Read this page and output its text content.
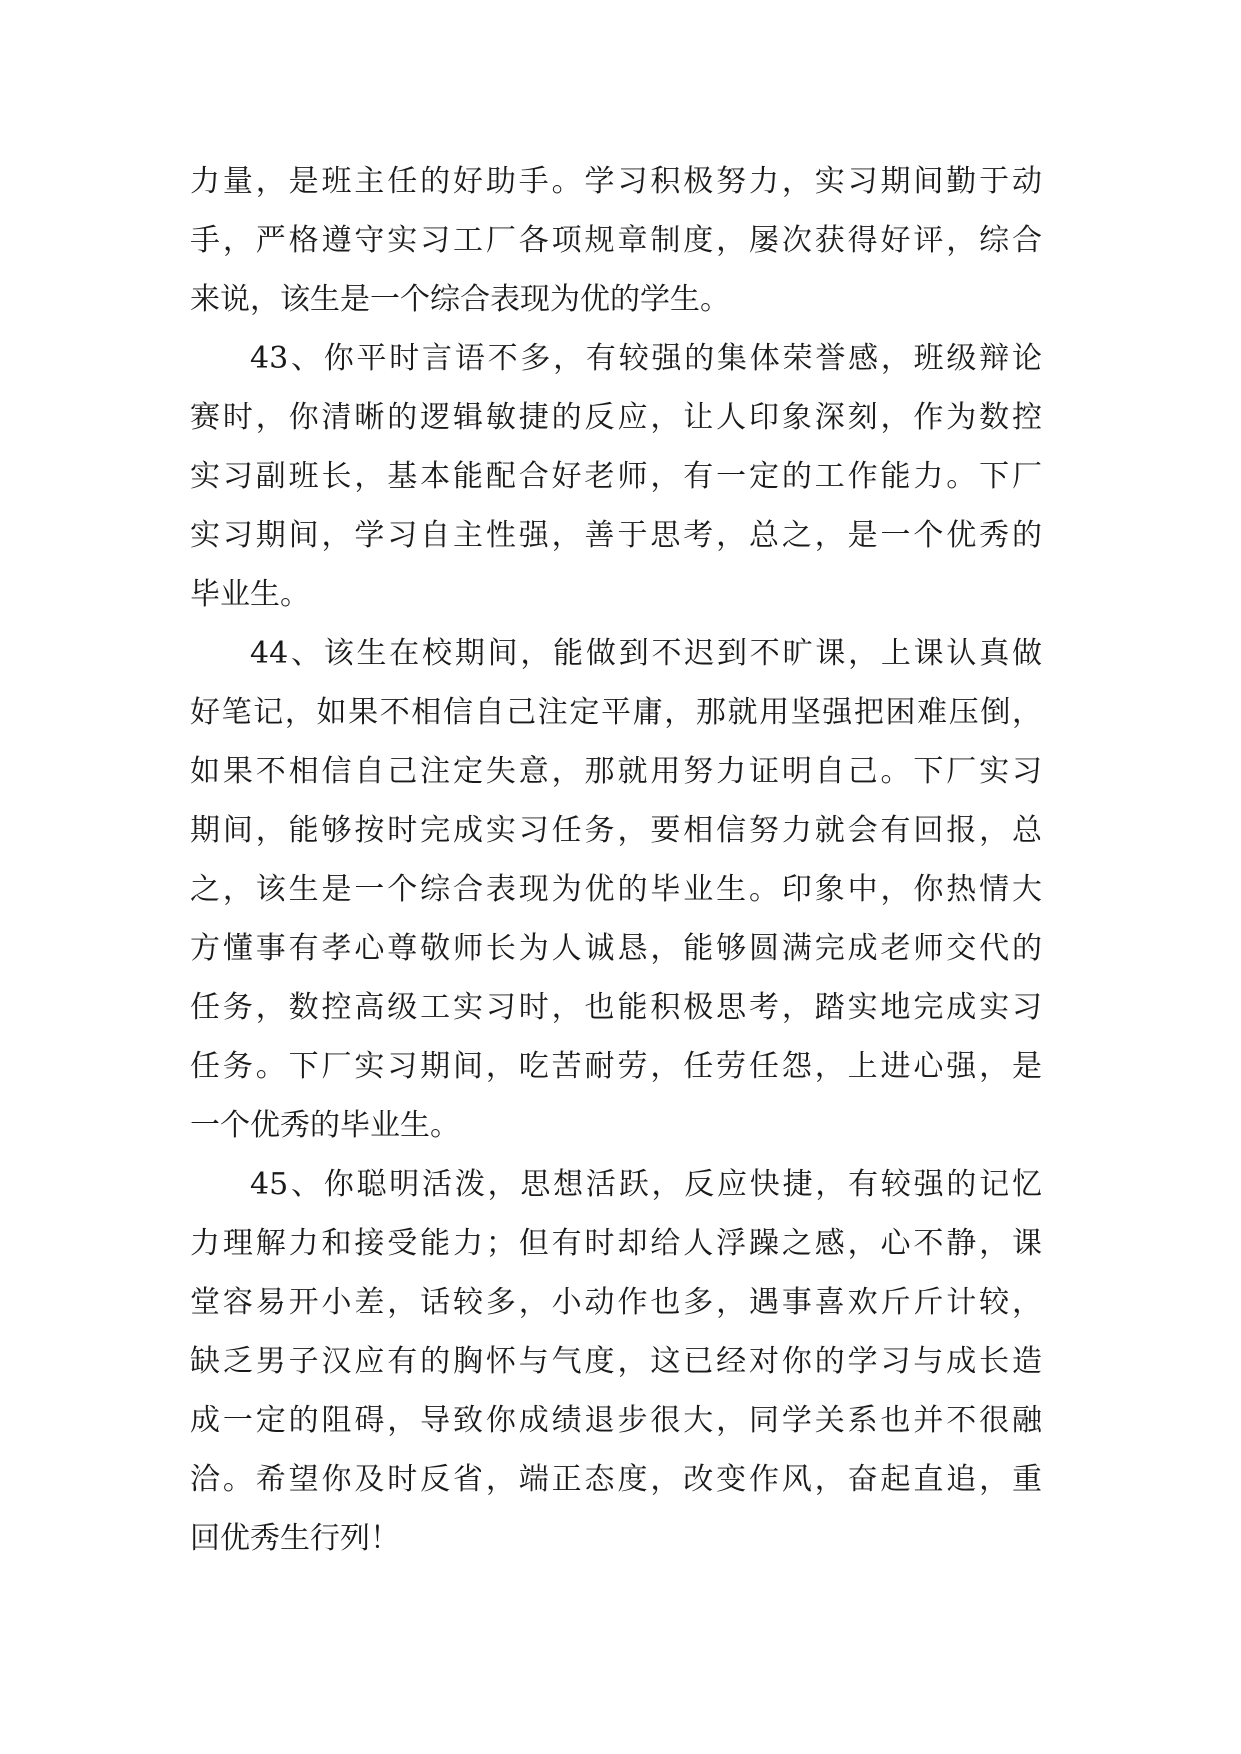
力量，是班主任的好助手。学习积极努力，实习期间勤于动
手，严格遵守实习工厂各项规章制度，屡次获得好评，综合
来说，该生是一个综合表现为优的学生。
43、你平时言语不多，有较强的集体荣誉感，班级辩论
赛时，你清晰的逻辑敏捷的反应，让人印象深刻，作为数控
实习副班长，基本能配合好老师，有一定的工作能力。下厂
实习期间，学习自主性强，善于思考，总之，是一个优秀的
毕业生。
44、该生在校期间，能做到不迟到不旷课，上课认真做
好笔记，如果不相信自己注定平庸，那就用坚强把困难压倒，
如果不相信自己注定失意，那就用努力证明自己。下厂实习
期间，能够按时完成实习任务，要相信努力就会有回报，总
之，该生是一个综合表现为优的毕业生。印象中，你热情大
方懂事有孝心尊敬师长为人诚恳，能够圆满完成老师交代的
任务，数控高级工实习时，也能积极思考，踏实地完成实习
任务。下厂实习期间，吃苦耐劳，任劳任怨，上进心强，是
一个优秀的毕业生。
45、你聪明活泼，思想活跃，反应快捷，有较强的记忆
力理解力和接受能力；但有时却给人浮躁之感，心不静，课
堂容易开小差，话较多，小动作也多，遇事喜欢斤斤计较，
缺乏男子汉应有的胸怀与气度，这已经对你的学习与成长造
成一定的阻碍，导致你成绩退步很大，同学关系也并不很融
洽。希望你及时反省，端正态度，改变作风，奋起直追，重
回优秀生行列！
